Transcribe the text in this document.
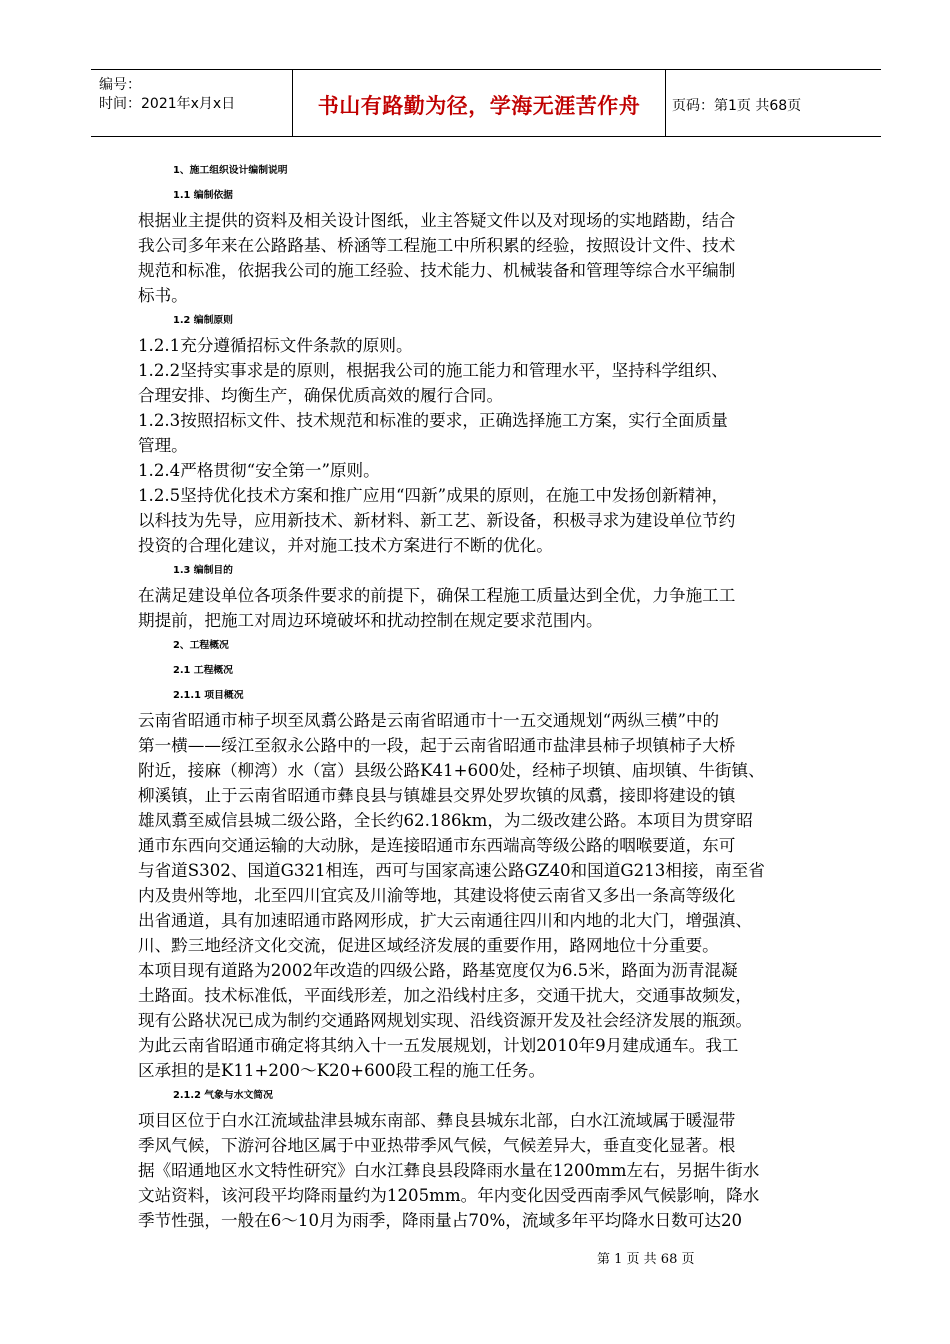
编号：
时间：2021年x月x日	书山有路勤为径，学海无涯苦作舟	页码：第1页 共68页
1、施工组织设计编制说明
1.1 编制依据
根据业主提供的资料及相关设计图纸，业主答疑文件以及对现场的实地踏勘，结合
我公司多年来在公路路基、桥涵等工程施工中所积累的经验，按照设计文件、技术
规范和标准，依据我公司的施工经验、技术能力、机械装备和管理等综合水平编制
标书。
1.2 编制原则
1.2.1充分遵循招标文件条款的原则。
1.2.2坚持实事求是的原则，根据我公司的施工能力和管理水平，坚持科学组织、
合理安排、均衡生产，确保优质高效的履行合同。
1.2.3按照招标文件、技术规范和标准的要求，正确选择施工方案，实行全面质量
管理。
1.2.4严格贯彻“安全第一”原则。
1.2.5坚持优化技术方案和推广应用“四新”成果的原则，在施工中发扬创新精神，
以科技为先导，应用新技术、新材料、新工艺、新设备，积极寻求为建设单位节约
投资的合理化建议，并对施工技术方案进行不断的优化。
1.3 编制目的
在满足建设单位各项条件要求的前提下，确保工程施工质量达到全优，力争施工工
期提前，把施工对周边环境破坏和扰动控制在规定要求范围内。
2、工程概况
2.1 工程概况
2.1.1 项目概况
云南省昭通市柿子坝至凤翥公路是云南省昭通市十一五交通规划“两纵三横”中的
第一横——绥江至叙永公路中的一段，起于云南省昭通市盐津县柿子坝镇柿子大桥
附近，接麻（柳湾）水（富）县级公路K41+600处，经柿子坝镇、庙坝镇、牛街镇、
柳溪镇，止于云南省昭通市彝良县与镇雄县交界处罗坎镇的凤翥，接即将建设的镇
雄凤翥至威信县城二级公路，全长约62.186km，为二级改建公路。本项目为贯穿昭
通市东西向交通运输的大动脉，是连接昭通市东西端高等级公路的咽喉要道，东可
与省道S302、国道G321相连，西可与国家高速公路GZ40和国道G213相接，南至省
内及贵州等地，北至四川宜宾及川渝等地，其建设将使云南省又多出一条高等级化
出省通道，具有加速昭通市路网形成，扩大云南通往四川和内地的北大门，增强滇、
川、黔三地经济文化交流，促进区域经济发展的重要作用，路网地位十分重要。
本项目现有道路为2002年改造的四级公路，路基宽度仅为6.5米，路面为沥青混凝
土路面。技术标准低，平面线形差，加之沿线村庄多，交通干扰大，交通事故频发，
现有公路状况已成为制约交通路网规划实现、沿线资源开发及社会经济发展的瓶颈。
为此云南省昭通市确定将其纳入十一五发展规划，计划2010年9月建成通车。我工
区承担的是K11+200～K20+600段工程的施工任务。
2.1.2 气象与水文简况
项目区位于白水江流域盐津县城东南部、彝良县城东北部，白水江流域属于暖湿带
季风气候，下游河谷地区属于中亚热带季风气候，气候差异大，垂直变化显著。根
据《昭通地区水文特性研究》白水江彝良县段降雨水量在1200mm左右，另据牛街水
文站资料，该河段平均降雨量约为1205mm。年内变化因受西南季风气候影响，降水
季节性强，一般在6～10月为雨季，降雨量占70%，流域多年平均降水日数可达20
第 1 页 共 68 页
